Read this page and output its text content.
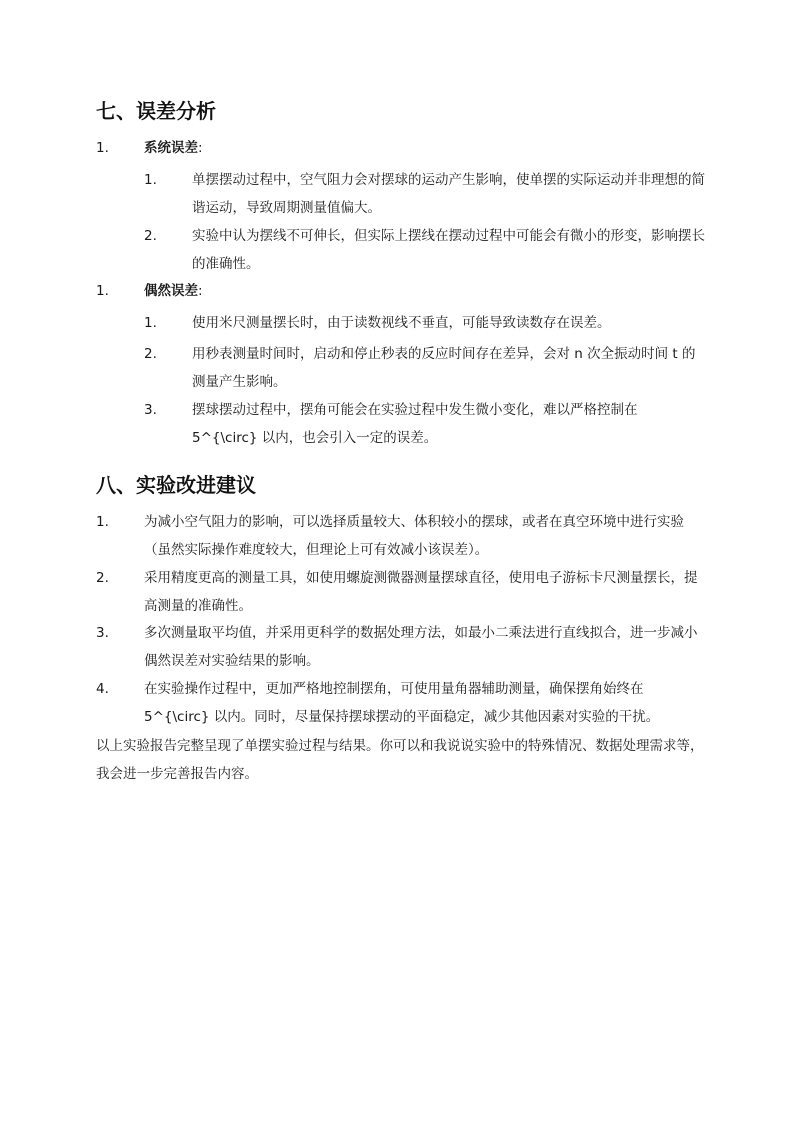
七、误差分析
1.	系统误差:
1.	单摆摆动过程中，空气阻力会对摆球的运动产生影响，使单摆的实际运动并非理想的简谐运动，导致周期测量值偏大。
2.	实验中认为摆线不可伸长，但实际上摆线在摆动过程中可能会有微小的形变，影响摆长的准确性。
1.	偶然误差:
1.	使用米尺测量摆长时，由于读数视线不垂直，可能导致读数存在误差。
2.	用秒表测量时间时，启动和停止秒表的反应时间存在差异，会对 n 次全振动时间 t 的测量产生影响。
3.	摆球摆动过程中，摆角可能会在实验过程中发生微小变化，难以严格控制在 5^{\circ} 以内，也会引入一定的误差。
八、实验改进建议
1.	为减小空气阻力的影响，可以选择质量较大、体积较小的摆球，或者在真空环境中进行实验（虽然实际操作难度较大，但理论上可有效减小该误差）。
2.	采用精度更高的测量工具，如使用螺旋测微器测量摆球直径，使用电子游标卡尺测量摆长，提高测量的准确性。
3.	多次测量取平均值，并采用更科学的数据处理方法，如最小二乘法进行直线拟合，进一步减小偶然误差对实验结果的影响。
4.	在实验操作过程中，更加严格地控制摆角，可使用量角器辅助测量，确保摆角始终在 5^{\circ} 以内。同时，尽量保持摆球摆动的平面稳定，减少其他因素对实验的干扰。

以上实验报告完整呈现了单摆实验过程与结果。你可以和我说说实验中的特殊情况、数据处理需求等，我会进一步完善报告内容。
